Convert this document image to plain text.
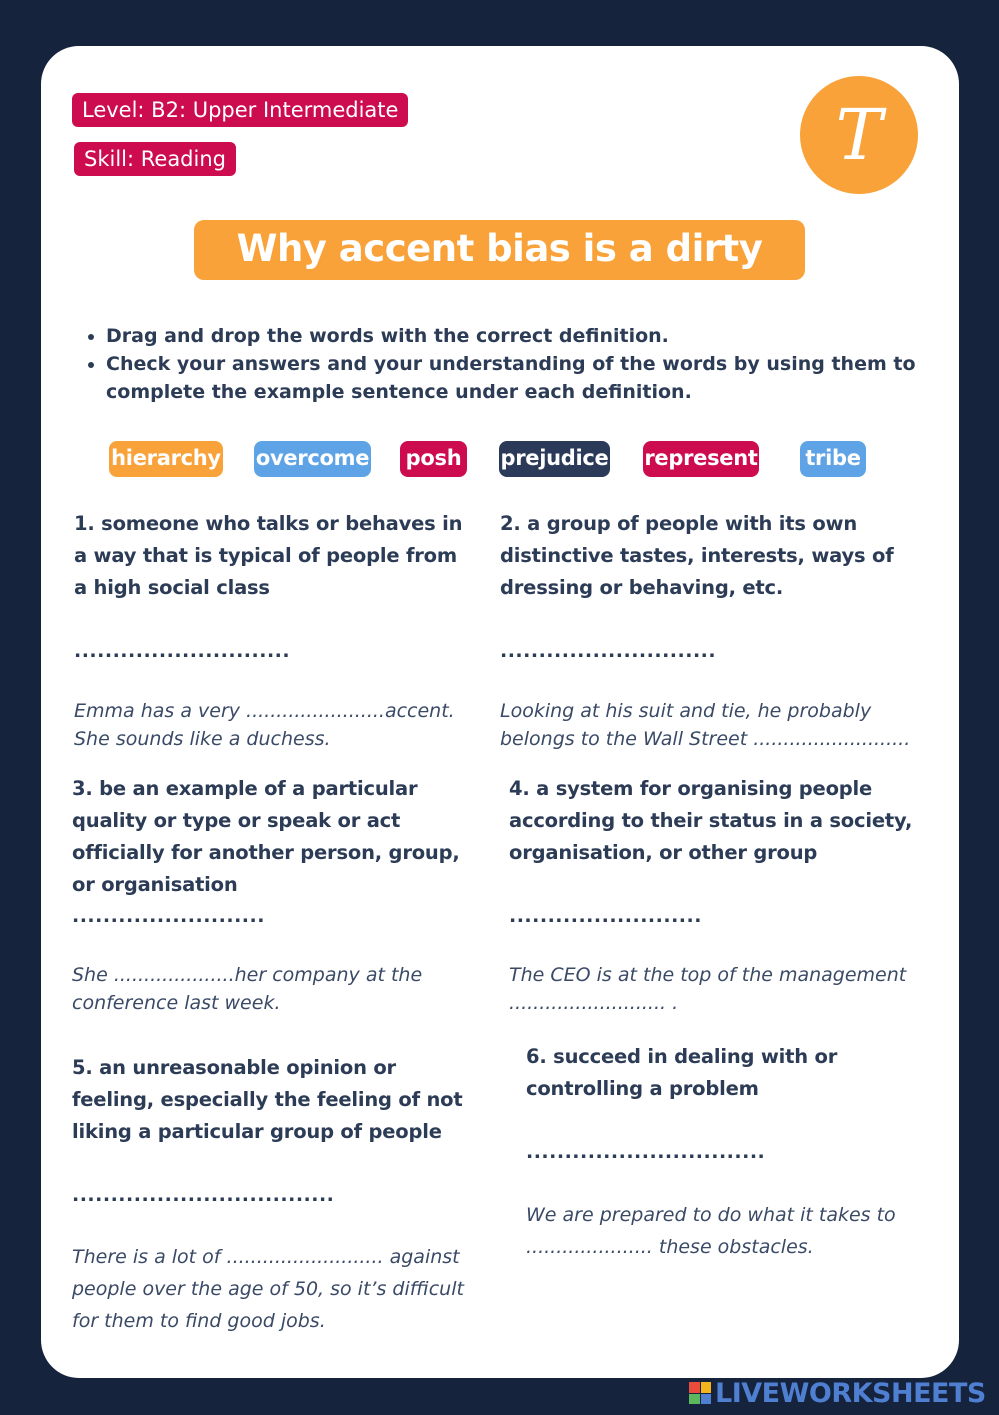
Level: B2: Upper Intermediate
Skill: Reading	T
Why accent bias is a dirty game
• Drag and drop the words with the correct definition.
• Check your answers and your understanding of the words by using them to complete the example sentence under each definition.
hierarchy overcome posh prejudice represent tribe

1. someone who talks or behaves in a way that is typical of people from a high social class

............................

Emma has a very .......................accent. She sounds like a duchess.

2. a group of people with its own distinctive tastes, interests, ways of dressing or behaving, etc.

............................

Looking at his suit and tie, he probably belongs to the Wall Street ..........................

3. be an example of a particular quality or type or speak or act officially for another person, group, or organisation

.........................

She ....................her company at the conference last week.

4. a system for organising people according to their status in a society, organisation, or other group

.........................

The CEO is at the top of the management .......................... .

5. an unreasonable opinion or feeling, especially the feeling of not liking a particular group of people

..................................

There is a lot of .......................... against people over the age of 50, so it’s difficult for them to find good jobs.

6. succeed in dealing with or controlling a problem

...............................

We are prepared to do what it takes to ..................... these obstacles.

LIVEWORKSHEETS
